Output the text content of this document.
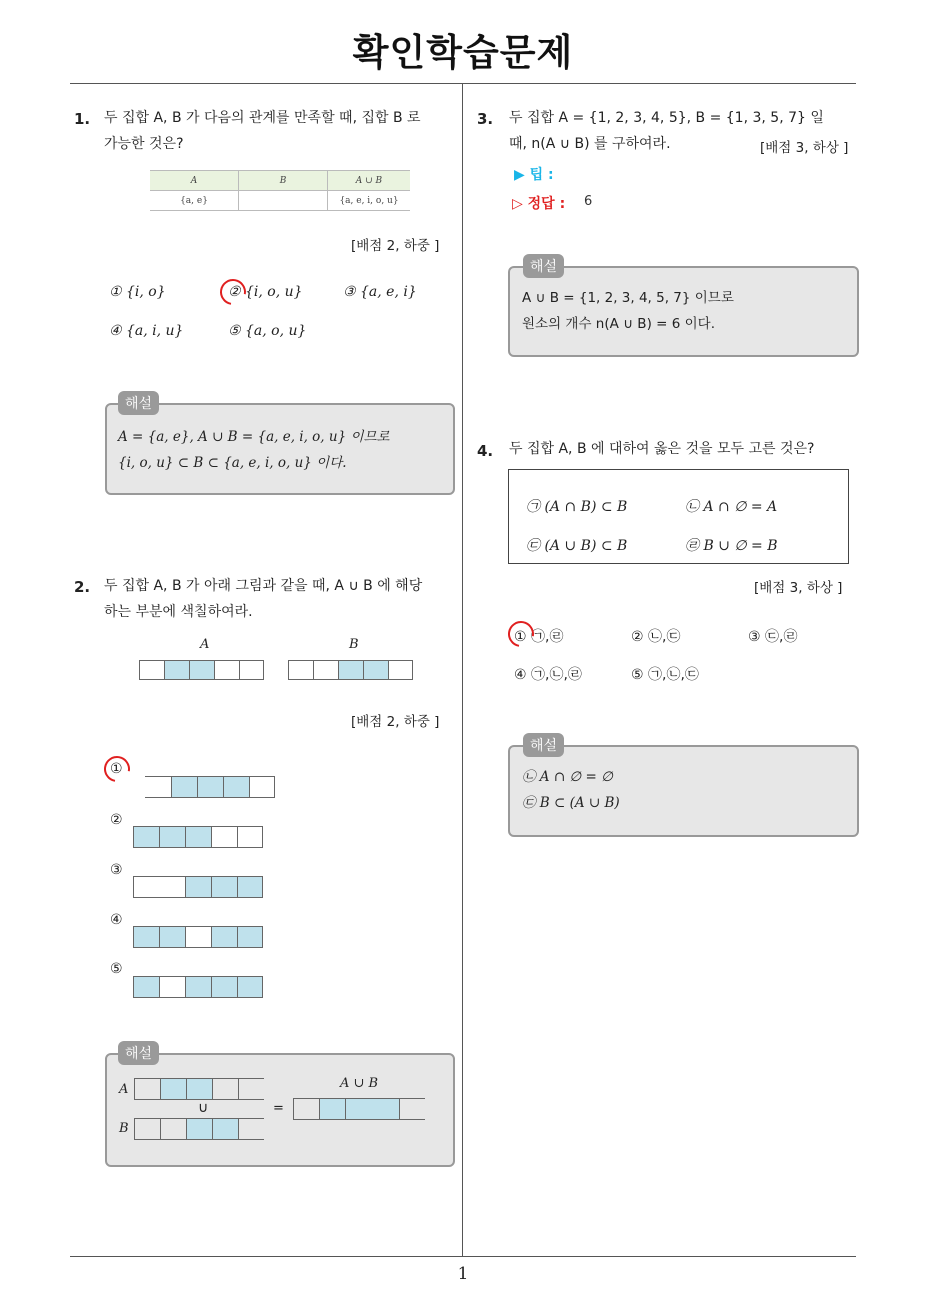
확인학습문제
1. 두 집합 A, B 가 다음의 관계를 만족할 때, 집합 B 로
가능한 것은?
A	B	A ∪ B
{a, e}		{a, e, i, o, u}
[배점 2, 하중 ]
① {i, o}	② {i, o, u}	③ {a, e, i}
④ {a, i, u}	⑤ {a, o, u}
해설
A = {a, e}, A ∪ B = {a, e, i, o, u} 이므로
{i, o, u} ⊂ B ⊂ {a, e, i, o, u} 이다.
2. 두 집합 A, B 가 아래 그림과 같을 때, A ∪ B 에 해당
하는 부분에 색칠하여라.
A	B
[배점 2, 하중 ]
①
②
③
④
⑤
해설
A
∪
B
=
A ∪ B
3. 두 집합 A = {1, 2, 3, 4, 5}, B = {1, 3, 5, 7} 일
때, n(A ∪ B) 를 구하여라.	[배점 3, 하상 ]
▶ 팁 :
▷ 정답 : 6
해설
A ∪ B = {1, 2, 3, 4, 5, 7} 이므로
원소의 개수 n(A ∪ B) = 6 이다.
4. 두 집합 A, B 에 대하여 옳은 것을 모두 고른 것은?
㉠ (A ∩ B) ⊂ B	㉡ A ∩ ∅ = A
㉢ (A ∪ B) ⊂ B	㉣ B ∪ ∅ = B
[배점 3, 하상 ]
① ㉠,㉣	② ㉡,㉢	③ ㉢,㉣
④ ㉠,㉡,㉣	⑤ ㉠,㉡,㉢
해설
㉡ A ∩ ∅ = ∅
㉢ B ⊂ (A ∪ B)
1
